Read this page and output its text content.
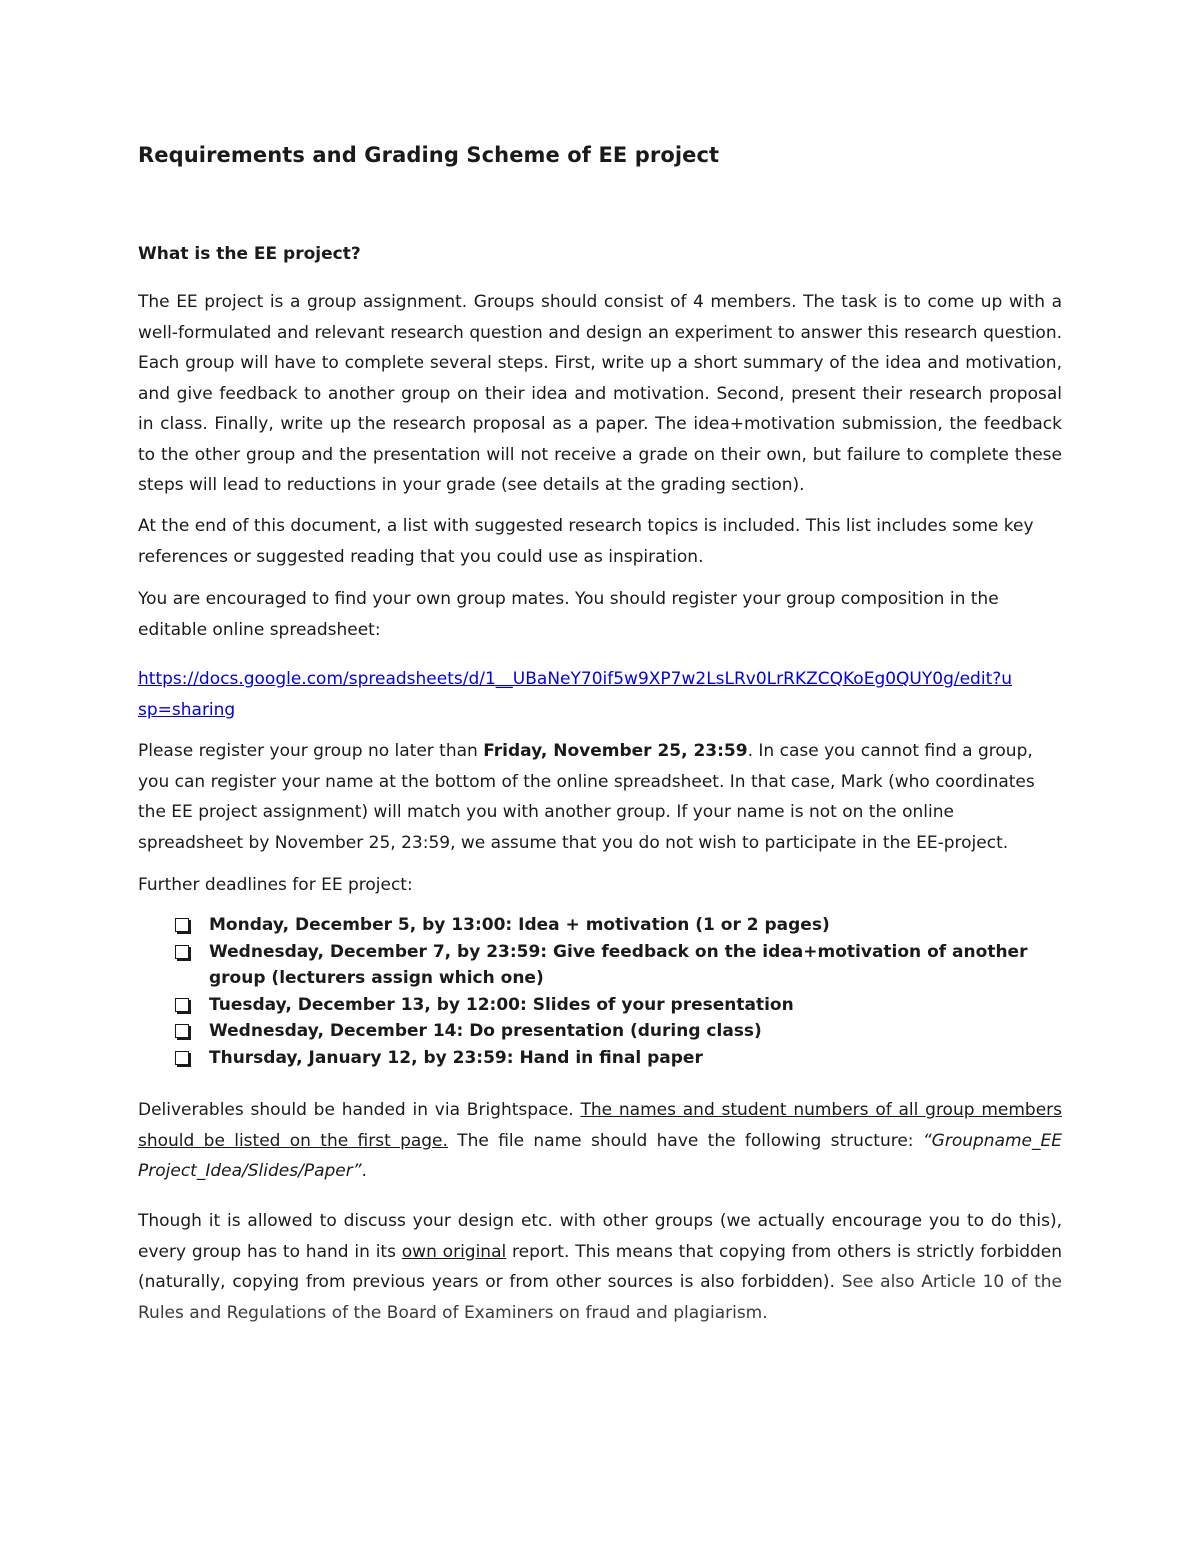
Requirements and Grading Scheme of EE project
What is the EE project?

The EE project is a group assignment. Groups should consist of 4 members. The task is to come up with a well-formulated and relevant research question and design an experiment to answer this research question. Each group will have to complete several steps. First, write up a short summary of the idea and motivation, and give feedback to another group on their idea and motivation. Second, present their research proposal in class. Finally, write up the research proposal as a paper. The idea+motivation submission, the feedback to the other group and the presentation will not receive a grade on their own, but failure to complete these steps will lead to reductions in your grade (see details at the grading section).

At the end of this document, a list with suggested research topics is included. This list includes some key references or suggested reading that you could use as inspiration.

You are encouraged to find your own group mates. You should register your group composition in the editable online spreadsheet:

https://docs.google.com/spreadsheets/d/1__UBaNeY70if5w9XP7w2LsLRv0LrRKZCQKoEg0QUY0g/edit?u
sp=sharing

Please register your group no later than Friday, November 25, 23:59. In case you cannot find a group, you can register your name at the bottom of the online spreadsheet. In that case, Mark (who coordinates the EE project assignment) will match you with another group. If your name is not on the online spreadsheet by November 25, 23:59, we assume that you do not wish to participate in the EE-project.

Further deadlines for EE project:

Monday, December 5, by 13:00: Idea + motivation (1 or 2 pages)
Wednesday, December 7, by 23:59: Give feedback on the idea+motivation of another group (lecturers assign which one)
Tuesday, December 13, by 12:00: Slides of your presentation
Wednesday, December 14: Do presentation (during class)
Thursday, January 12, by 23:59: Hand in final paper

Deliverables should be handed in via Brightspace. The names and student numbers of all group members should be listed on the first page. The file name should have the following structure: “Groupname_EE Project_Idea/Slides/Paper”.

Though it is allowed to discuss your design etc. with other groups (we actually encourage you to do this), every group has to hand in its own original report. This means that copying from others is strictly forbidden (naturally, copying from previous years or from other sources is also forbidden). See also Article 10 of the Rules and Regulations of the Board of Examiners on fraud and plagiarism.
